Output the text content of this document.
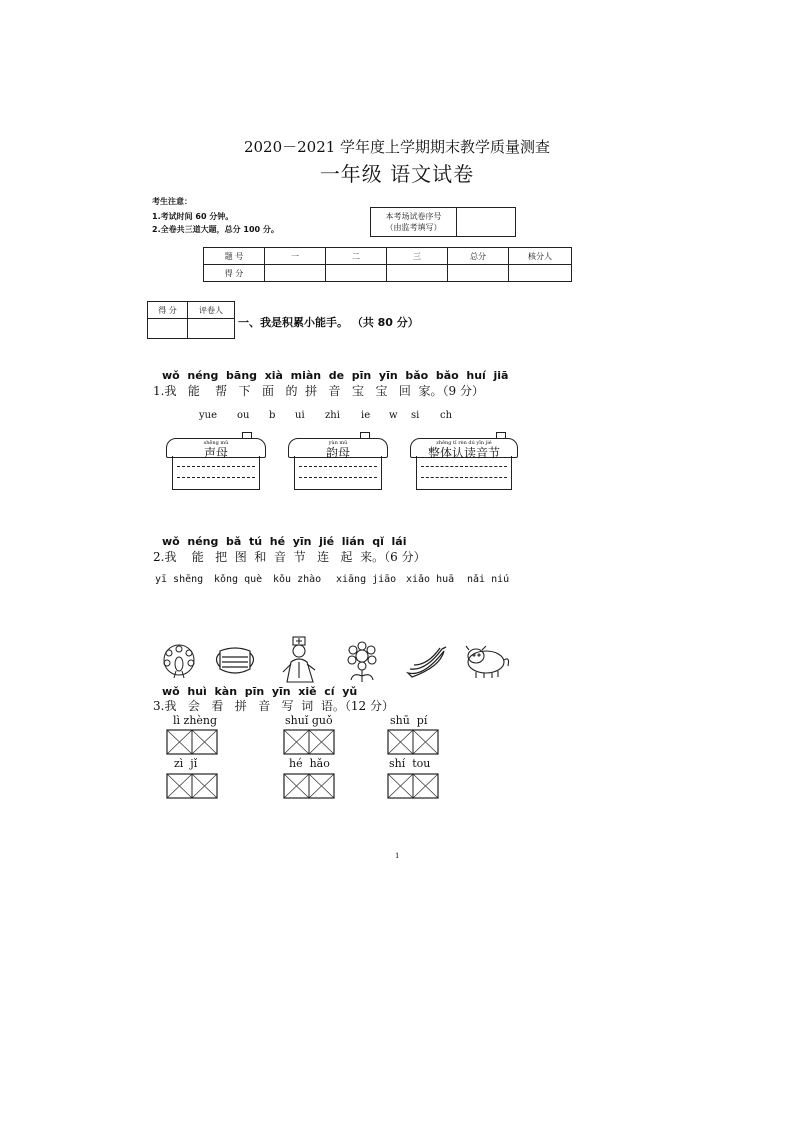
2020－2021 学年度上学期期末教学质量测查
一年级 语文试卷
考生注意：
1.考试时间 60 分钟。
2.全卷共三道大题，总分 100 分。
本考场试卷序号
（由监考填写）

题 号	一	二	三	总分	核分人
得 分					
得 分	评卷人

一、我是积累小能手。 （共 80 分）
wǒ  néng  bāng  xià  miàn  de  pīn  yīn  bǎo  bǎo  huí  jiā
1.我   能    帮   下   面   的  拼   音   宝   宝   回  家。（9 分）
yue ou b ui zhi ie w si ch
shēng mǔ
声母
yùn mǔ
韵母
zhěng tǐ rèn dú yīn jié
整体认读音节
wǒ  néng  bǎ  tú  hé  yīn  jié  lián  qǐ  lái
2.我    能   把  图  和  音  节   连   起  来。（6 分）
yī shēng kǒng què kǒu zhào xiāng jiāo xiǎo huā nǎi niú
wǒ  huì  kàn  pīn  yīn  xiě  cí  yǔ
3.我   会   看   拼   音   写  词  语。（12 分）
lì zhèng	shuǐ guǒ	shū  pí
zì  jǐ	hé  hǎo	shí  tou
1
